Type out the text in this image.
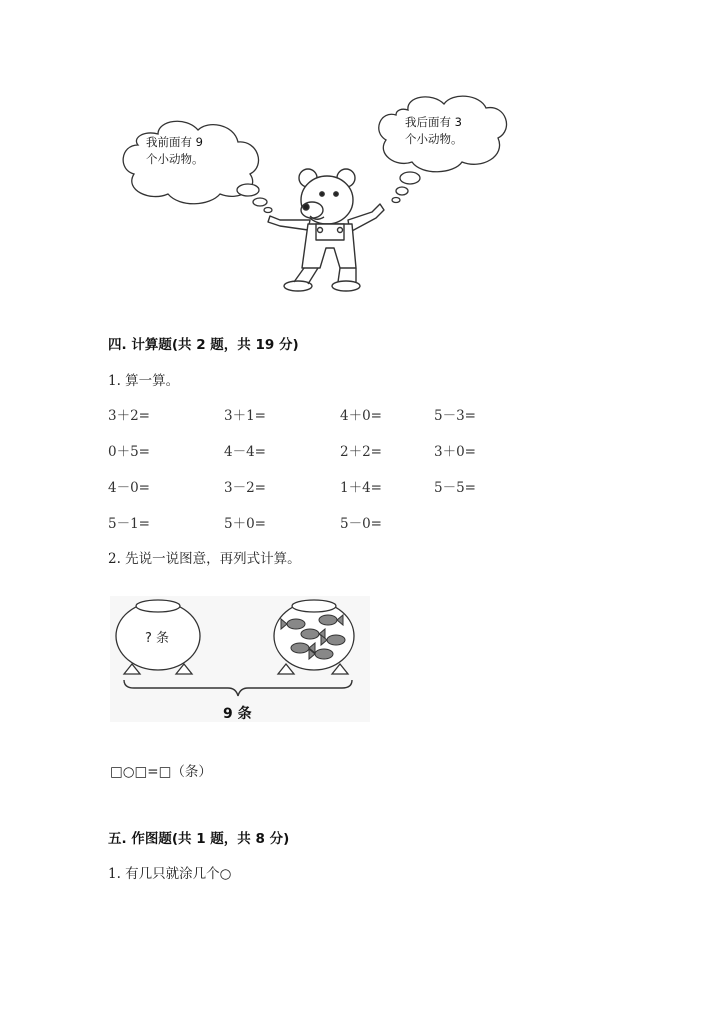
我前面有 9
个小动物。
我后面有 3
个小动物。
四. 计算题(共 2 题，共 19 分)
1. 算一算。
3＋2=	3＋1=	4＋0=	5－3=
0＋5=	4－4=	2＋2=	3＋0=
4－0=	3－2=	1＋4=	5－5=
5－1=	5＋0=	5－0=
2. 先说一说图意，再列式计算。
? 条
9 条
□○□=□（条）
五. 作图题(共 1 题，共 8 分)
1. 有几只就涂几个○
